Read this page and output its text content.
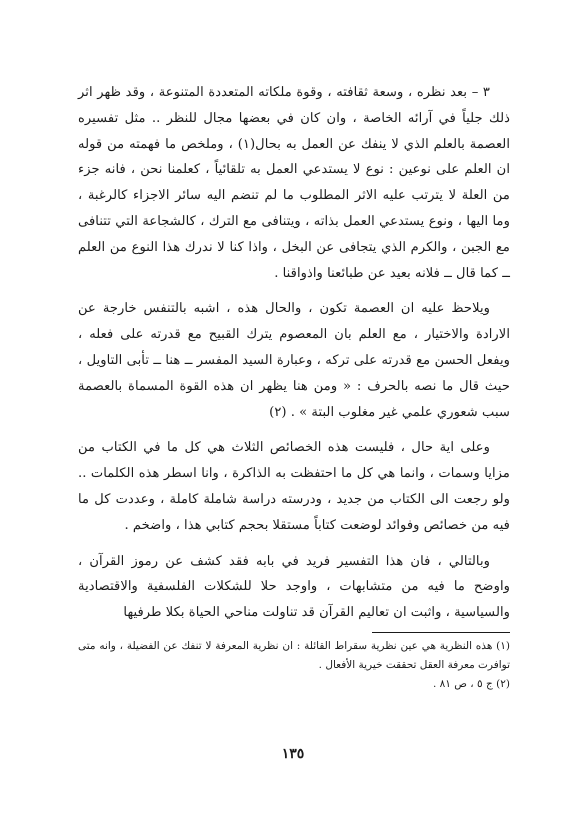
٣ – بعد نظره ، وسعة ثقافته ، وقوة ملكاته المتعددة المتنوعة ، وقد ظهر اثر ذلك جلياً في آرائه الخاصة ، وان كان في بعضها مجال للنظر .. مثل تفسيره العصمة بالعلم الذي لا ينفك عن العمل به بحال(١) ، وملخص ما فهمته من قوله ان العلم على نوعين : نوع لا يستدعي العمل به تلقائياً ، كعلمنا نحن ، فانه جزء من العلة لا يترتب عليه الاثر المطلوب ما لم تنضم اليه سائر الاجزاء كالرغبة ، وما اليها ، ونوع يستدعي العمل بذاته ، ويتنافى مع الترك ، كالشجاعة التي تتنافى مع الجبن ، والكرم الذي يتجافى عن البخل ، واذا كنا لا ندرك هذا النوع من العلم ــ كما قال ــ فلانه بعيد عن طبائعنا واذواقنا .

ويلاحظ عليه ان العصمة تكون ، والحال هذه ، اشبه بالتنفس خارجة عن الارادة والاختيار ، مع العلم بان المعصوم يترك القبيح مع قدرته على فعله ، ويفعل الحسن مع قدرته على تركه ، وعبارة السيد المفسر ــ هنا ــ تأبى التاويل ، حيث قال ما نصه بالحرف : « ومن هنا يظهر ان هذه القوة المسماة بالعصمة سبب شعوري علمي غير مغلوب البتة » . (٢)

وعلى اية حال ، فليست هذه الخصائص الثلاث هي كل ما في الكتاب من مزايا وسمات ، وانما هي كل ما احتفظت به الذاكرة ، وانا اسطر هذه الكلمات .. ولو رجعت الى الكتاب من جديد ، ودرسته دراسة شاملة كاملة ، وعددت كل ما فيه من خصائص وفوائد لوضعت كتاباً مستقلا بحجم كتابي هذا ، واضخم .

وبالتالي ، فان هذا التفسير فريد في بابه فقد كشف عن رموز القرآن ، واوضح ما فيه من متشابهات ، واوجد حلا للشكلات الفلسفية والاقتصادية والسياسية ، واثبت ان تعاليم القرآن قد تناولت مناحي الحياة بكلا طرفيها

(١) هذه النظرية هي عين نظرية سقراط القائلة : ان نظرية المعرفة لا تنفك عن الفضيلة ، وانه متى توافرت معرفة العقل تحققت خيرية الأفعال .

(٢) ج ٥ ، ص ٨١ .

١٣٥
